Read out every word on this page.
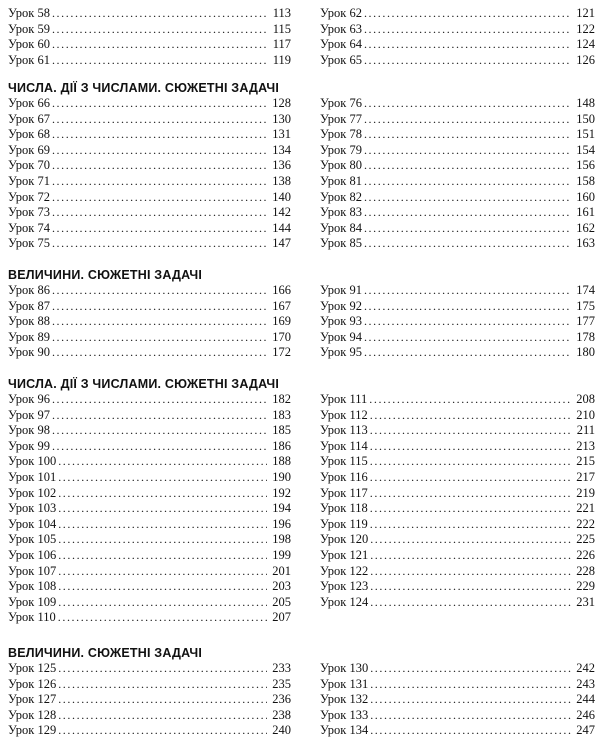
Урок 58 .....	113
Урок 59 .....	115
Урок 60 .....	117
Урок 61 .....	119
Урок 62 .....	121
Урок 63 .....	122
Урок 64 .....	124
Урок 65 .....	126
ЧИСЛА. ДІЇ З ЧИСЛАМИ. СЮЖЕТНІ ЗАДАЧІ
Урок 66 .....	128
Урок 67 .....	130
Урок 68 .....	131
Урок 69 .....	134
Урок 70 .....	136
Урок 71 .....	138
Урок 72 .....	140
Урок 73 .....	142
Урок 74 .....	144
Урок 75 .....	147
Урок 76 .....	148
Урок 77 .....	150
Урок 78 .....	151
Урок 79 .....	154
Урок 80 .....	156
Урок 81 .....	158
Урок 82 .....	160
Урок 83 .....	161
Урок 84 .....	162
Урок 85 .....	163
ВЕЛИЧИНИ. СЮЖЕТНІ ЗАДАЧІ
Урок 86 .....	166
Урок 87 .....	167
Урок 88 .....	169
Урок 89 .....	170
Урок 90 .....	172
Урок 91 .....	174
Урок 92 .....	175
Урок 93 .....	177
Урок 94 .....	178
Урок 95 .....	180
ЧИСЛА. ДІЇ З ЧИСЛАМИ. СЮЖЕТНІ ЗАДАЧІ
Урок 96 .....	182
Урок 97 .....	183
Урок 98 .....	185
Урок 99 .....	186
Урок 100 .....	188
Урок 101 .....	190
Урок 102 .....	192
Урок 103 .....	194
Урок 104 .....	196
Урок 105 .....	198
Урок 106 .....	199
Урок 107 .....	201
Урок 108 .....	203
Урок 109 .....	205
Урок 110 .....	207
Урок 111 .....	208
Урок 112 .....	210
Урок 113 .....	211
Урок 114 .....	213
Урок 115 .....	215
Урок 116 .....	217
Урок 117 .....	219
Урок 118 .....	221
Урок 119 .....	222
Урок 120 .....	225
Урок 121 .....	226
Урок 122 .....	228
Урок 123 .....	229
Урок 124 .....	231
ВЕЛИЧИНИ. СЮЖЕТНІ ЗАДАЧІ
Урок 125 .....	233
Урок 126 .....	235
Урок 127 .....	236
Урок 128 .....	238
Урок 129 .....	240
Урок 130 .....	242
Урок 131 .....	243
Урок 132 .....	244
Урок 133 .....	246
Урок 134 .....	247
